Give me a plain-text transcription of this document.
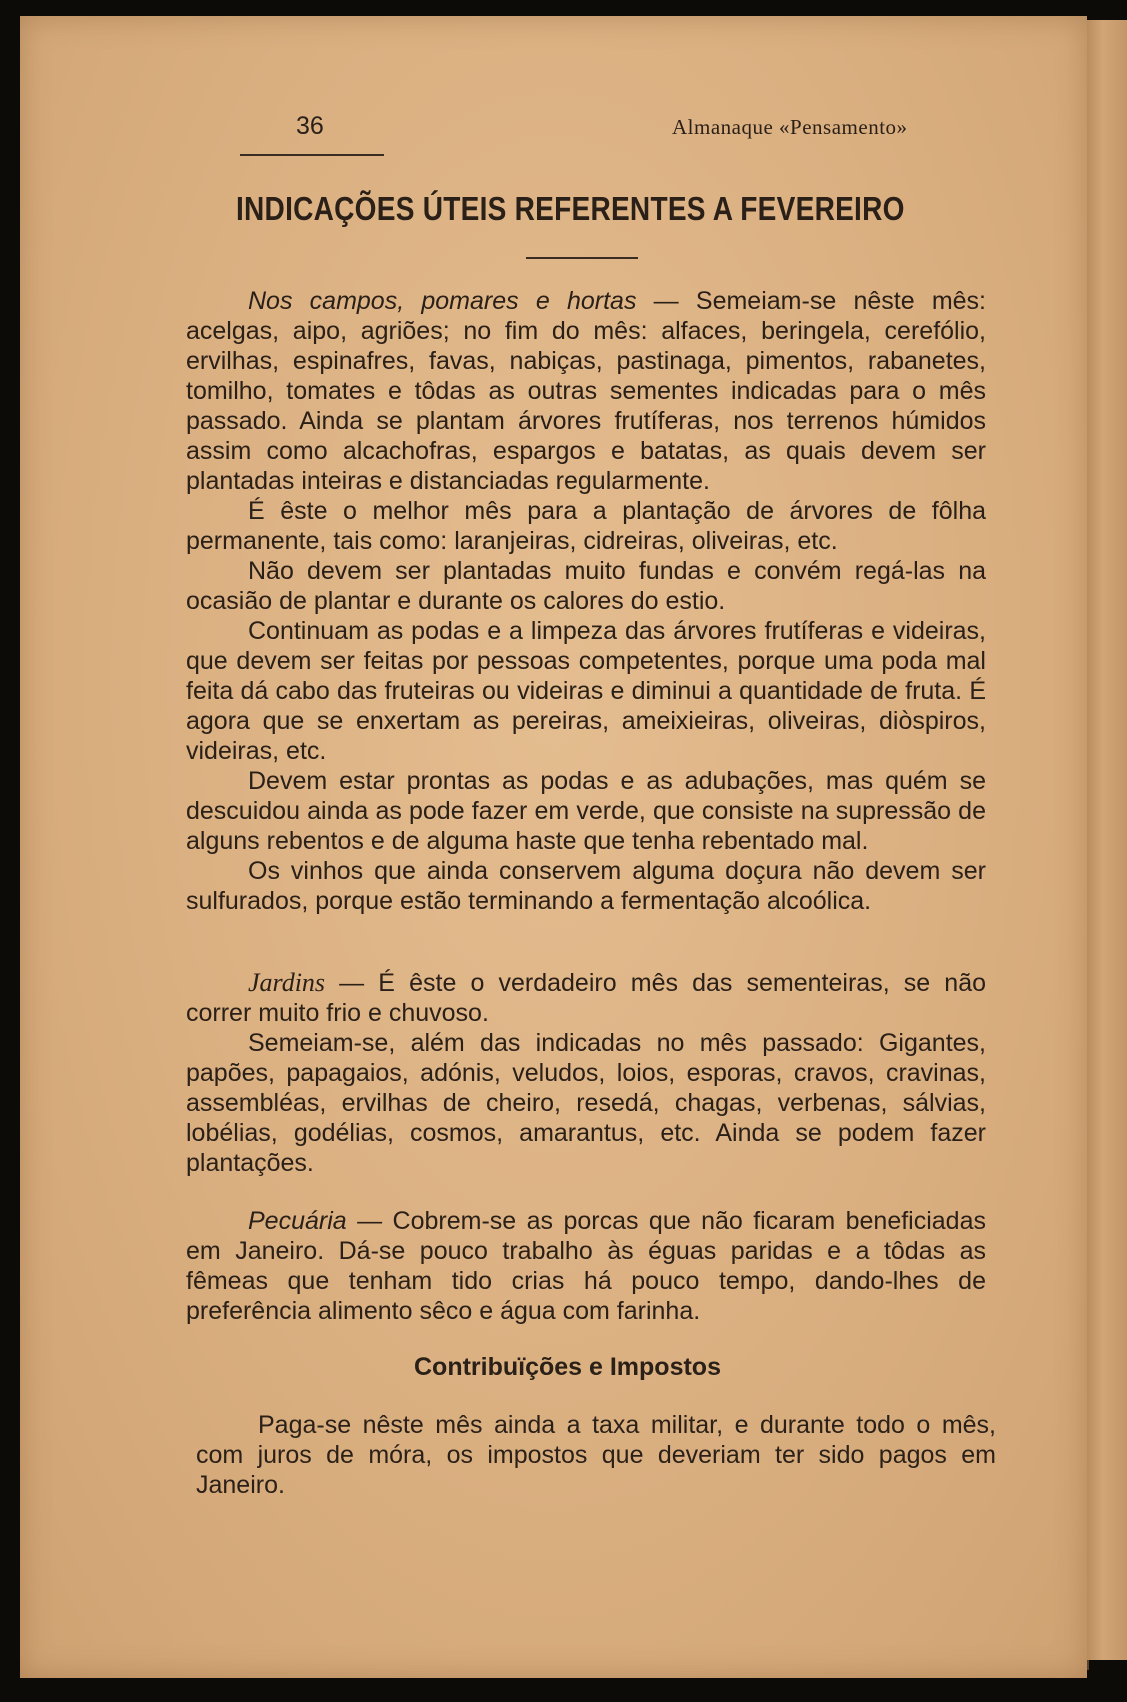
36	Almanaque «Pensamento»
INDICAÇÕES ÚTEIS REFERENTES A FEVEREIRO

Nos campos, pomares e hortas — Semeiam-se nêste mês: acelgas, aipo, agriões; no fim do mês: alfaces, beringela, cerefólio, ervilhas, espinafres, favas, nabiças, pastinaga, pimentos, rabanetes, tomilho, tomates e tôdas as outras sementes indicadas para o mês passado. Ainda se plantam árvores frutíferas, nos terrenos húmidos assim como alcachofras, espargos e batatas, as quais devem ser plantadas inteiras e distanciadas regularmente.

É êste o melhor mês para a plantação de árvores de fôlha permanente, tais como: laranjeiras, cidreiras, oliveiras, etc.

Não devem ser plantadas muito fundas e convém regá-las na ocasião de plantar e durante os calores do estio.

Continuam as podas e a limpeza das árvores frutíferas e videiras, que devem ser feitas por pessoas competentes, porque uma poda mal feita dá cabo das fruteiras ou videiras e diminui a quantidade de fruta. É agora que se enxertam as pereiras, ameixieiras, oliveiras, diòspiros, videiras, etc.

Devem estar prontas as podas e as adubações, mas quém se descuidou ainda as pode fazer em verde, que consiste na supressão de alguns rebentos e de alguma haste que tenha rebentado mal.

Os vinhos que ainda conservem alguma doçura não devem ser sulfurados, porque estão terminando a fermentação alcoólica.

Jardins — É êste o verdadeiro mês das sementeiras, se não correr muito frio e chuvoso.

Semeiam-se, além das indicadas no mês passado: Gigantes, papões, papagaios, adónis, veludos, loios, esporas, cravos, cravinas, assembléas, ervilhas de cheiro, resedá, chagas, verbenas, sálvias, lobélias, godélias, cosmos, amarantus, etc. Ainda se podem fazer plantações.

Pecuária — Cobrem-se as porcas que não ficaram beneficiadas em Janeiro. Dá-se pouco trabalho às éguas paridas e a tôdas as fêmeas que tenham tido crias há pouco tempo, dando-lhes de preferência alimento sêco e água com farinha.

Contribuïções e Impostos

Paga-se nêste mês ainda a taxa militar, e durante todo o mês, com juros de móra, os impostos que deveriam ter sido pagos em Janeiro.
